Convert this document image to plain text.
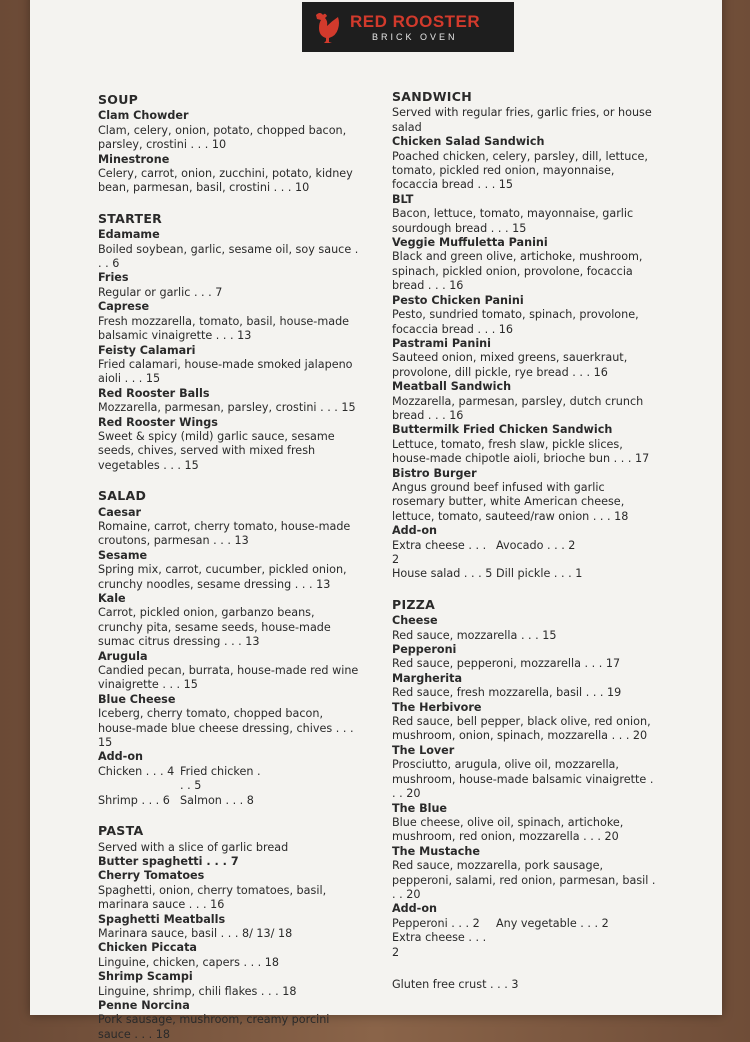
RED ROOSTER
BRICK OVEN
SOUP
Clam Chowder
Clam, celery, onion, potato, chopped bacon, parsley, crostini . . . 10
Minestrone
Celery, carrot, onion, zucchini, potato, kidney bean, parmesan, basil, crostini . . . 10
STARTER
Edamame
Boiled soybean, garlic, sesame oil, soy sauce . . . 6
Fries
Regular or garlic . . . 7
Caprese
Fresh mozzarella, tomato, basil, house-made balsamic vinaigrette . . . 13
Feisty Calamari
Fried calamari, house-made smoked jalapeno aioli . . . 15
Red Rooster Balls
Mozzarella, parmesan, parsley, crostini . . . 15
Red Rooster Wings
Sweet & spicy (mild) garlic sauce, sesame seeds, chives, served with mixed fresh vegetables . . . 15
SALAD
Caesar
Romaine, carrot, cherry tomato, house-made croutons, parmesan . . . 13
Sesame
Spring mix, carrot, cucumber, pickled onion, crunchy noodles, sesame dressing . . . 13
Kale
Carrot, pickled onion, garbanzo beans, crunchy pita, sesame seeds, house-made sumac citrus dressing . . . 13
Arugula
Candied pecan, burrata, house-made red wine vinaigrette . . . 15
Blue Cheese
Iceberg, cherry tomato, chopped bacon, house-made blue cheese dressing, chives . . . 15
Add-on
Chicken . . . 4 Fried chicken . . . 5
Shrimp . . . 6 Salmon . . . 8
PASTA
Served with a slice of garlic bread
Butter spaghetti . . . 7
Cherry Tomatoes
Spaghetti, onion, cherry tomatoes, basil, marinara sauce . . . 16
Spaghetti Meatballs
Marinara sauce, basil . . . 8/ 13/ 18
Chicken Piccata
Linguine, chicken, capers . . . 18
Shrimp Scampi
Linguine, shrimp, chili flakes . . . 18
Penne Norcina
Pork sausage, mushroom, creamy porcini sauce . . . 18
SANDWICH
Served with regular fries, garlic fries, or house salad
Chicken Salad Sandwich
Poached chicken, celery, parsley, dill, lettuce, tomato, pickled red onion, mayonnaise, focaccia bread . . . 15
BLT
Bacon, lettuce, tomato, mayonnaise, garlic sourdough bread . . . 15
Veggie Muffuletta Panini
Black and green olive, artichoke, mushroom, spinach, pickled onion, provolone, focaccia bread . . . 16
Pesto Chicken Panini
Pesto, sundried tomato, spinach, provolone, focaccia bread . . . 16
Pastrami Panini
Sauteed onion, mixed greens, sauerkraut, provolone, dill pickle, rye bread . . . 16
Meatball Sandwich
Mozzarella, parmesan, parsley, dutch crunch bread . . . 16
Buttermilk Fried Chicken Sandwich
Lettuce, tomato, fresh slaw, pickle slices, house-made chipotle aioli, brioche bun . . . 17
Bistro Burger
Angus ground beef infused with garlic rosemary butter, white American cheese, lettuce, tomato, sauteed/raw onion . . . 18
Add-on
Extra cheese . . . 2
Avocado . . . 2
House salad . . . 5 Dill pickle . . . 1
PIZZA
Cheese
Red sauce, mozzarella . . . 15
Pepperoni
Red sauce, pepperoni, mozzarella . . . 17
Margherita
Red sauce, fresh mozzarella, basil . . . 19
The Herbivore
Red sauce, bell pepper, black olive, red onion, mushroom, onion, spinach, mozzarella . . . 20
The Lover
Prosciutto, arugula, olive oil, mozzarella, mushroom, house-made balsamic vinaigrette . . . 20
The Blue
Blue cheese, olive oil, spinach, artichoke, mushroom, red onion, mozzarella . . . 20
The Mustache
Red sauce, mozzarella, pork sausage, pepperoni, salami, red onion, parmesan, basil . . . 20
Add-on
Pepperoni . . . 2	Any vegetable . . . 2
Extra cheese . . . 2
Gluten free crust . . . 3
